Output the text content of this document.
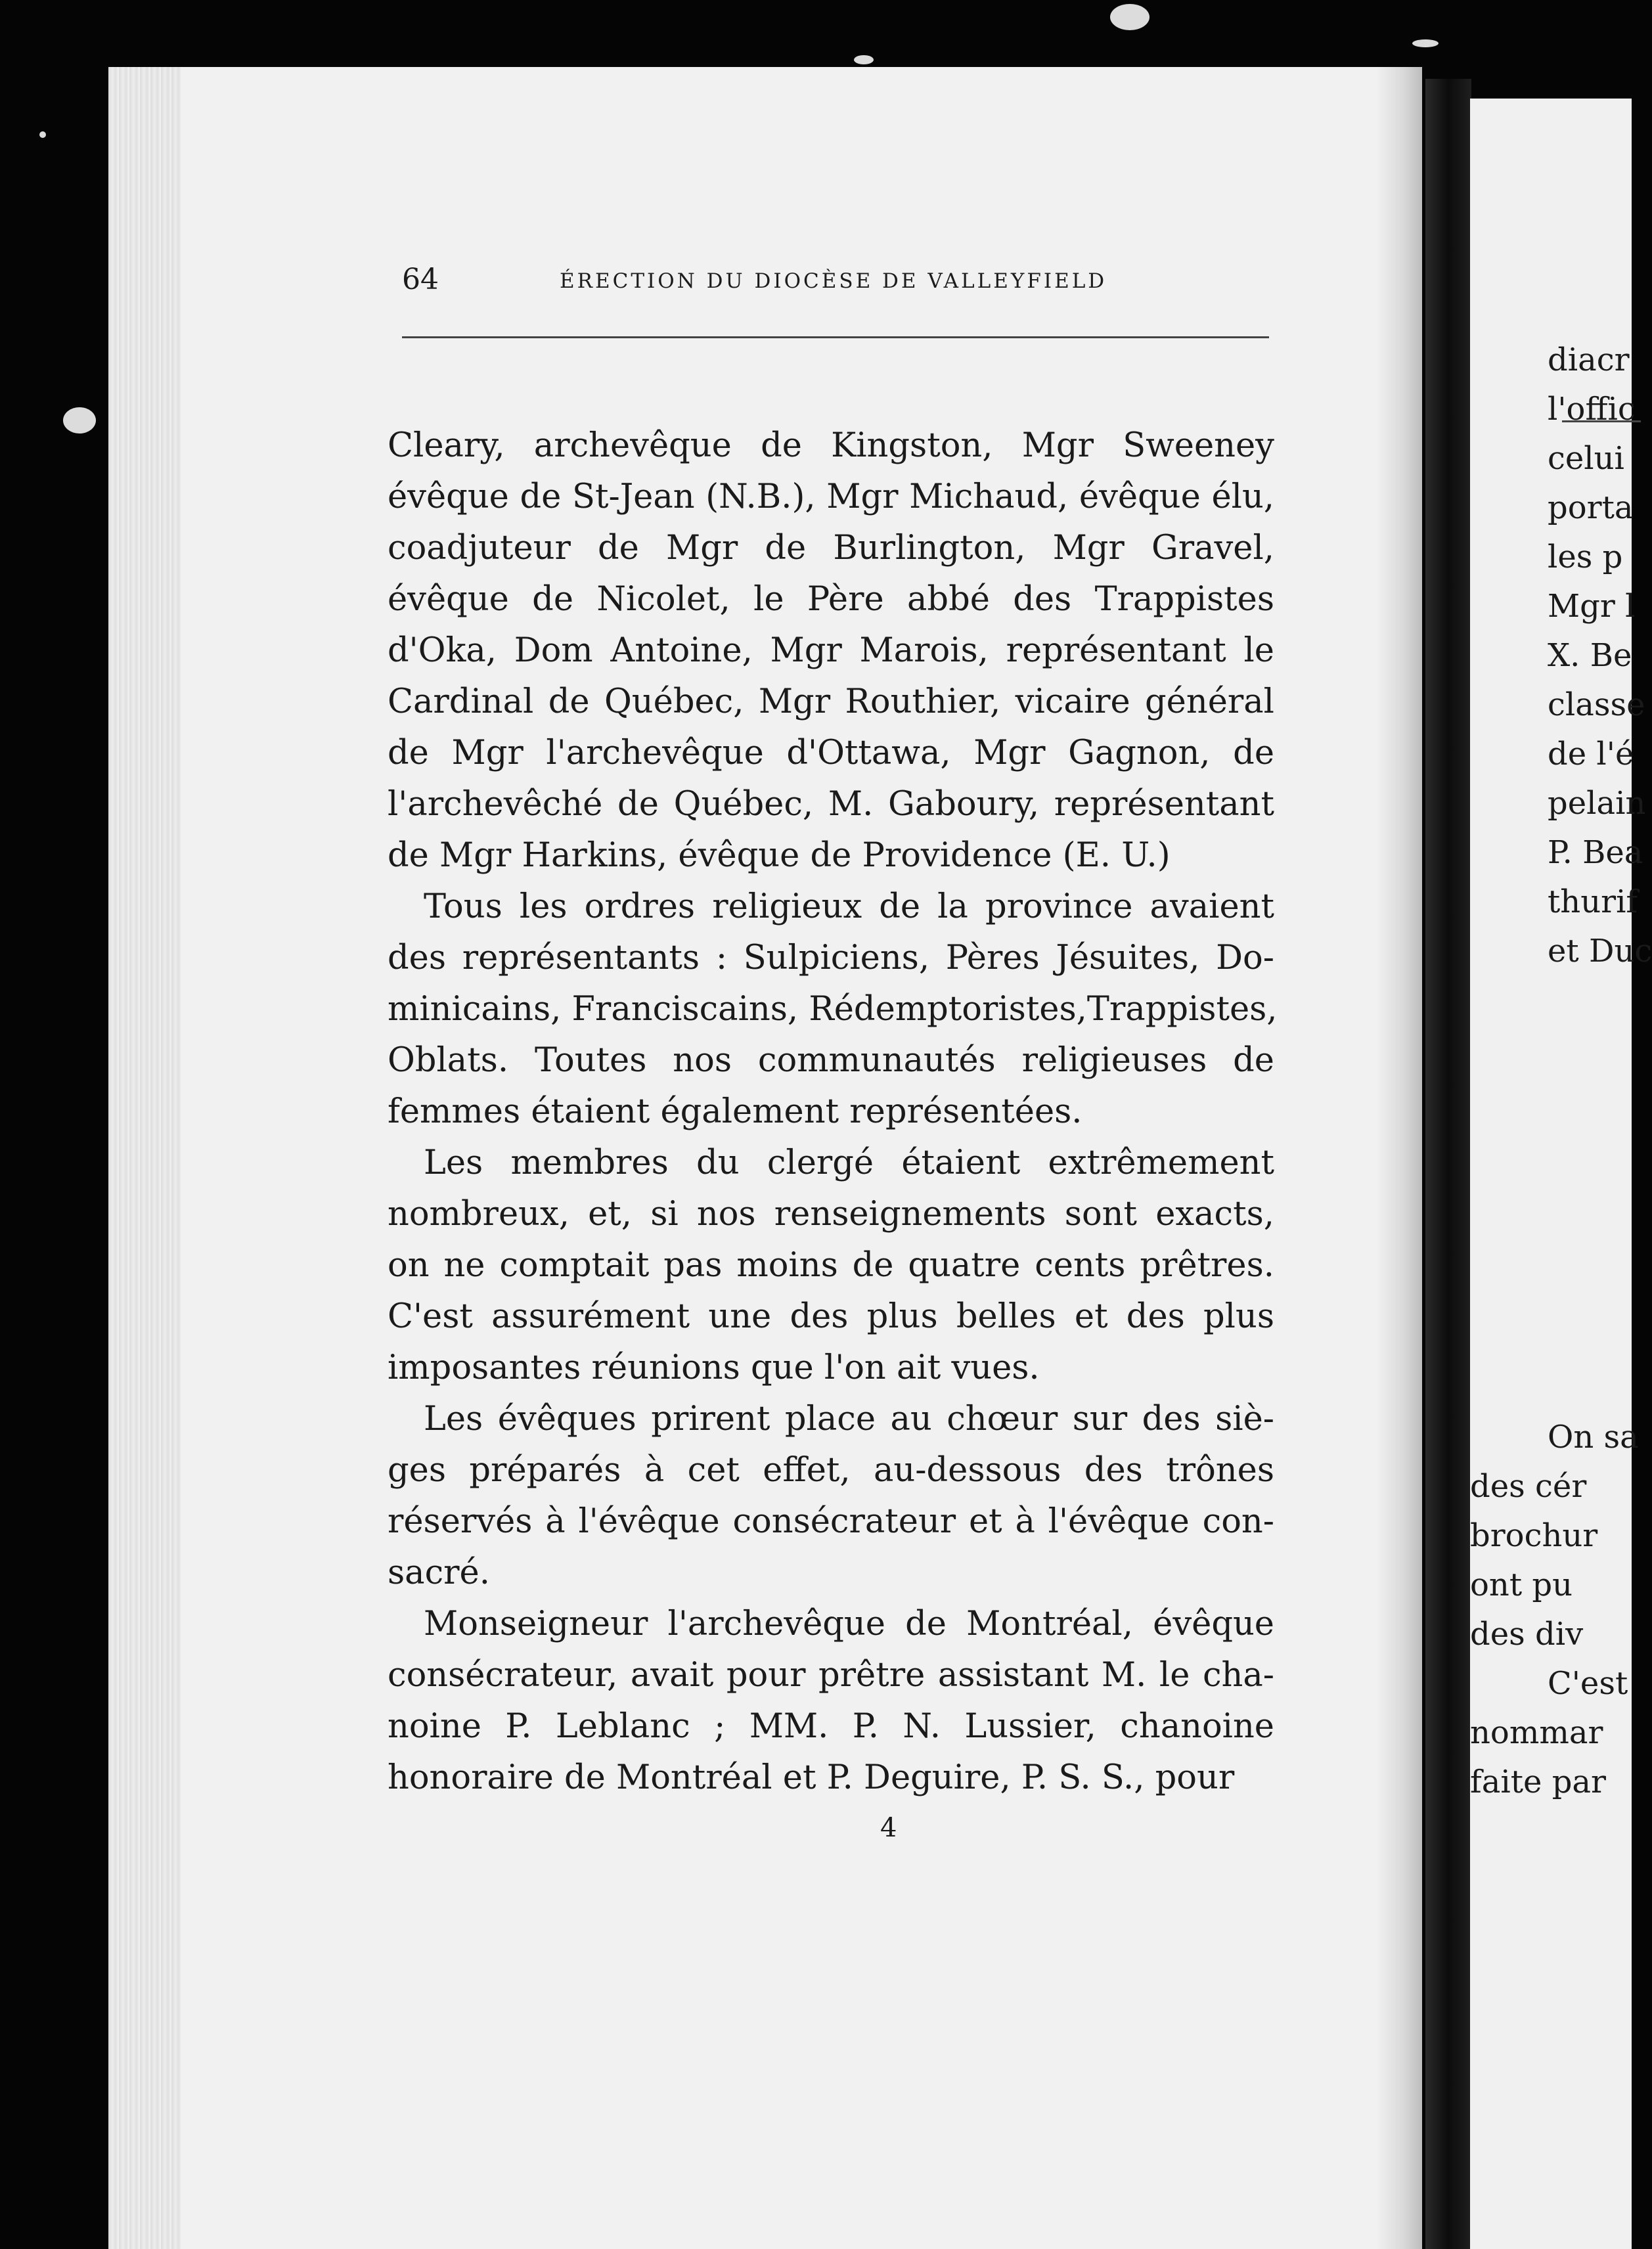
64	ÉRECTION DU DIOCÈSE DE VALLEYFIELD
Cleary, archevêque de Kingston, Mgr Sweeney
évêque de St-Jean (N.B.), Mgr Michaud, évêque élu,
coadjuteur de Mgr de Burlington, Mgr Gravel,
évêque de Nicolet, le Père abbé des Trappistes
d'Oka, Dom Antoine, Mgr Marois, représentant le
Cardinal de Québec, Mgr Routhier, vicaire général
de Mgr l'archevêque d'Ottawa, Mgr Gagnon, de
l'archevêché de Québec, M. Gaboury, représentant
de Mgr Harkins, évêque de Providence (E. U.)
Tous les ordres religieux de la province avaient
des représentants : Sulpiciens, Pères Jésuites, Do-
minicains, Franciscains, Rédemptoristes,Trappistes,
Oblats. Toutes nos communautés religieuses de
femmes étaient également représentées.
Les membres du clergé étaient extrêmement
nombreux, et, si nos renseignements sont exacts,
on ne comptait pas moins de quatre cents prêtres.
C'est assurément une des plus belles et des plus
imposantes réunions que l'on ait vues.
Les évêques prirent place au chœur sur des siè-
ges préparés à cet effet, au-dessous des trônes
réservés à l'évêque consécrateur et à l'évêque con-
sacré.
Monseigneur l'archevêque de Montréal, évêque
consécrateur, avait pour prêtre assistant M. le cha-
noine P. Leblanc ; MM. P. N. Lussier, chanoine
honoraire de Montréal et P. Deguire, P. S. S., pour
4
diacr
l'offic
celui
porta
les p
Mgr l
X. Be
classe
de l'é
pelain
P. Bea
thurif
et Duc
On sa
des cér
brochur
ont pu
des div
C'est
nommar
faite par
